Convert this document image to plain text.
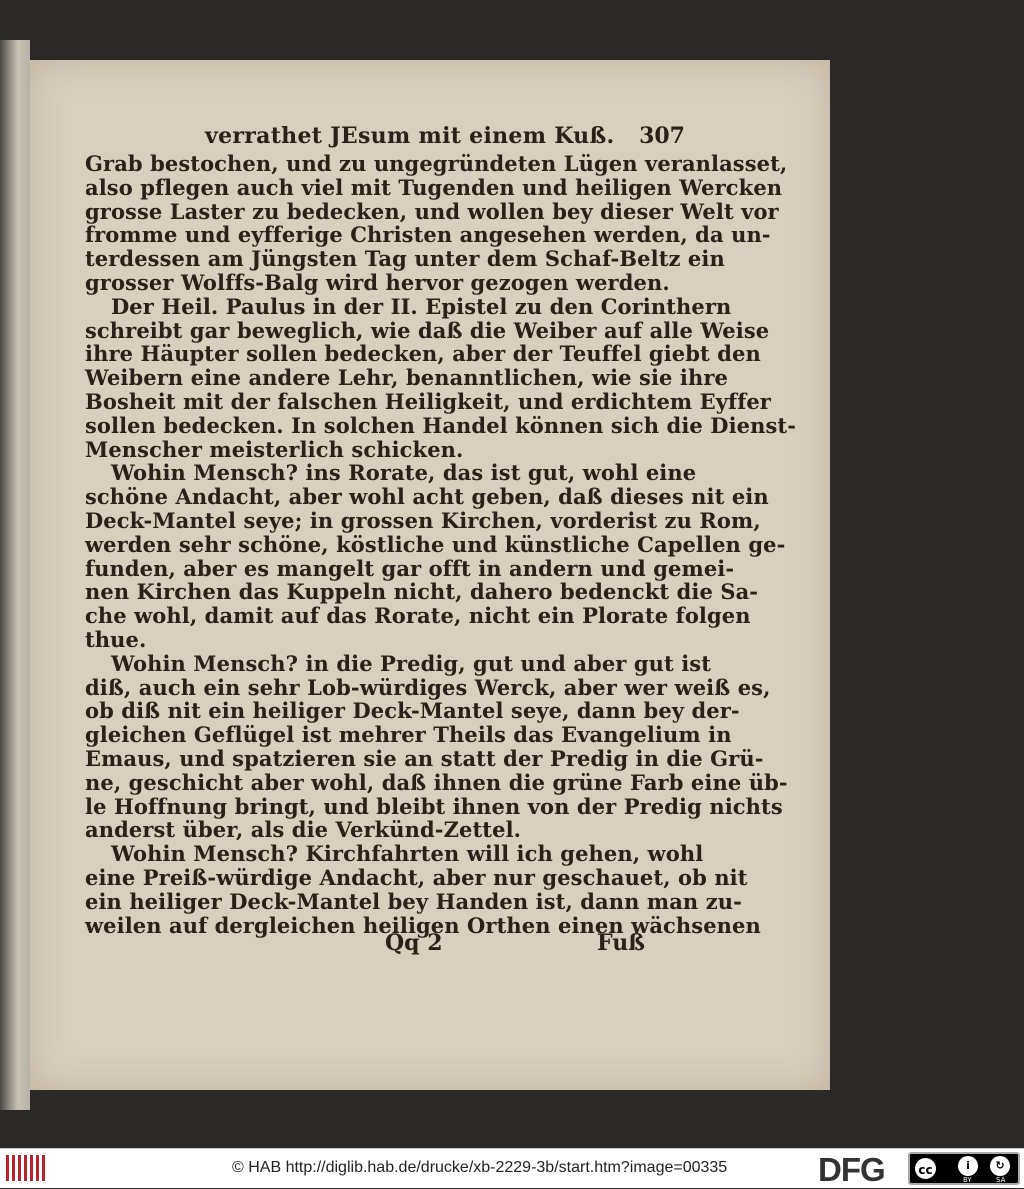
verrathet JEsum mit einem Kuß. 307
Grab bestochen, und zu ungegründeten Lügen veranlasset,
also pflegen auch viel mit Tugenden und heiligen Wercken
grosse Laster zu bedecken, und wollen bey dieser Welt vor
fromme und eyfferige Christen angesehen werden, da un-
terdessen am Jüngsten Tag unter dem Schaf-Beltz ein
grosser Wolffs-Balg wird hervor gezogen werden.
Der Heil. Paulus in der II. Epistel zu den Corinthern
schreibt gar beweglich, wie daß die Weiber auf alle Weise
ihre Häupter sollen bedecken, aber der Teuffel giebt den
Weibern eine andere Lehr, benanntlichen, wie sie ihre
Bosheit mit der falschen Heiligkeit, und erdichtem Eyffer
sollen bedecken. In solchen Handel können sich die Dienst-
Menscher meisterlich schicken.
Wohin Mensch? ins Rorate, das ist gut, wohl eine
schöne Andacht, aber wohl acht geben, daß dieses nit ein
Deck-Mantel seye; in grossen Kirchen, vorderist zu Rom,
werden sehr schöne, köstliche und künstliche Capellen ge-
funden, aber es mangelt gar offt in andern und gemei-
nen Kirchen das Kuppeln nicht, dahero bedenckt die Sa-
che wohl, damit auf das Rorate, nicht ein Plorate folgen
thue.
Wohin Mensch? in die Predig, gut und aber gut ist
diß, auch ein sehr Lob-würdiges Werck, aber wer weiß es,
ob diß nit ein heiliger Deck-Mantel seye, dann bey der-
gleichen Geflügel ist mehrer Theils das Evangelium in
Emaus, und spatzieren sie an statt der Predig in die Grü-
ne, geschicht aber wohl, daß ihnen die grüne Farb eine üb-
le Hoffnung bringt, und bleibt ihnen von der Predig nichts
anderst über, als die Verkünd-Zettel.
Wohin Mensch? Kirchfahrten will ich gehen, wohl
eine Preiß-würdige Andacht, aber nur geschauet, ob nit
ein heiliger Deck-Mantel bey Handen ist, dann man zu-
weilen auf dergleichen heiligen Orthen einen wächsenen
Qq 2	Fuß
© HAB http://diglib.hab.de/drucke/xb-2229-3b/start.htm?image=00335	DFG	cc	i	↻
BY	SA
